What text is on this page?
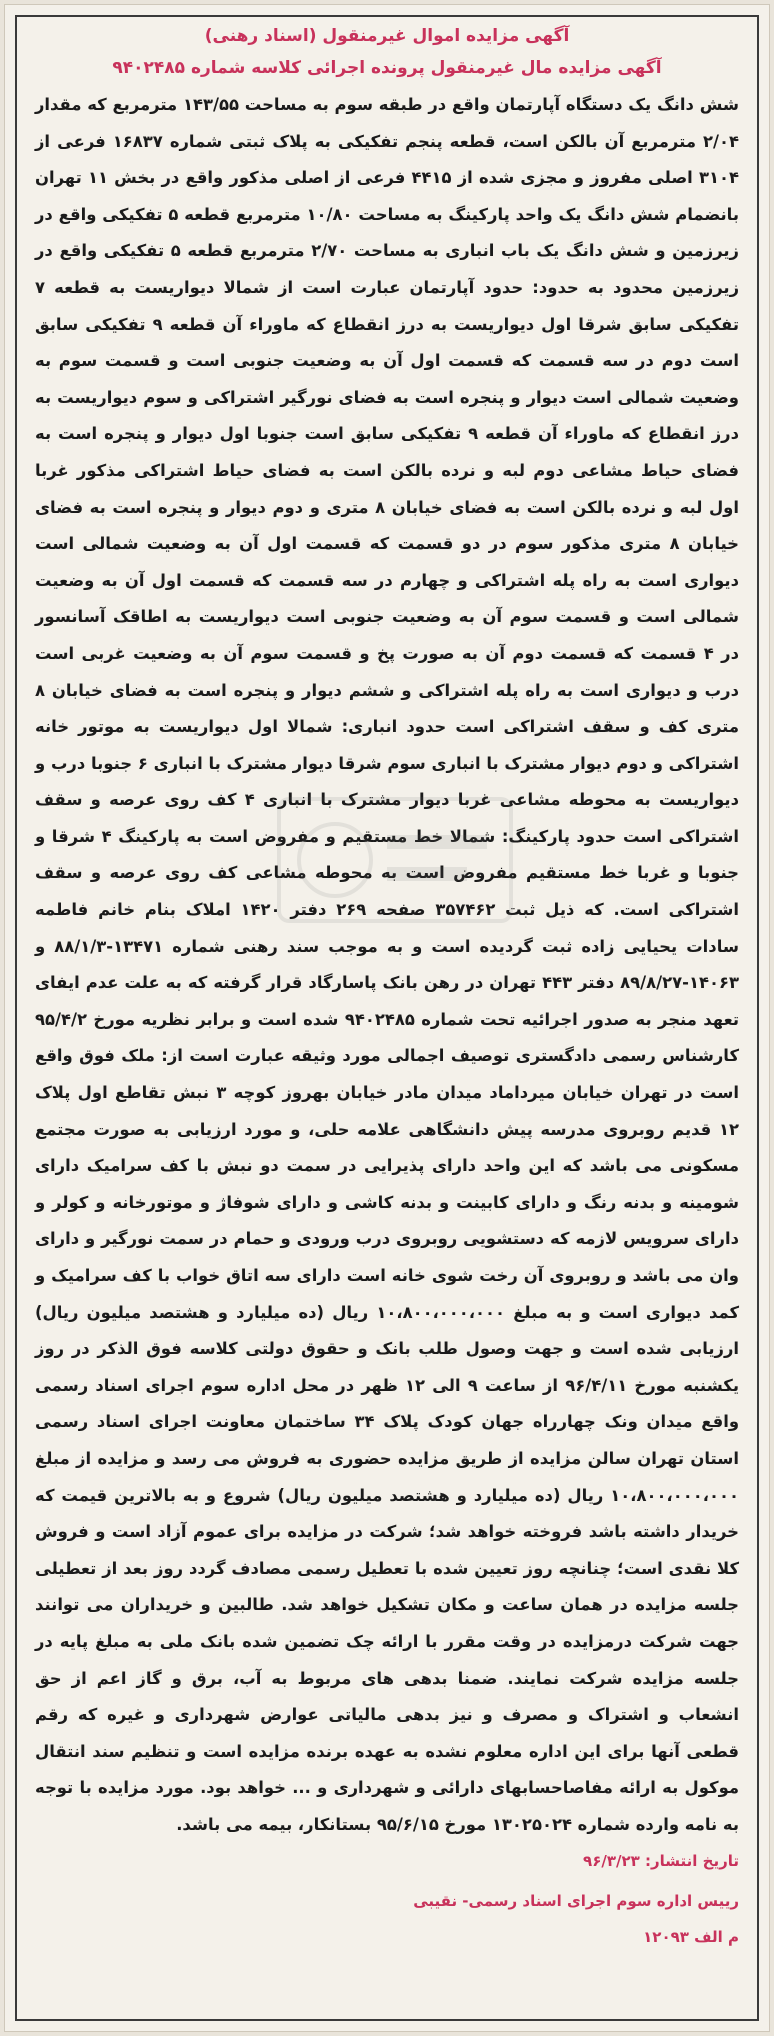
آگهی مزایده اموال غیرمنقول (اسناد رهنی)
آگهی مزایده مال غیرمنقول پرونده اجرائی کلاسه شماره ۹۴۰۲۴۸۵
شش دانگ یک دستگاه آپارتمان واقع در طبقه سوم به مساحت ۱۴۳/۵۵ مترمربع که مقدار ۲/۰۴ مترمربع آن بالکن است، قطعه پنجم تفکیکی به پلاک ثبتی شماره ۱۶۸۳۷ فرعی از ۳۱۰۴ اصلی مفروز و مجزی شده از ۴۴۱۵ فرعی از اصلی مذکور واقع در بخش ۱۱ تهران بانضمام شش دانگ یک واحد پارکینگ به مساحت ۱۰/۸۰ مترمربع قطعه ۵ تفکیکی واقع در زیرزمین و شش دانگ یک باب انباری به مساحت ۲/۷۰ مترمربع قطعه ۵ تفکیکی واقع در زیرزمین محدود به حدود: حدود آپارتمان عبارت است از شمالا دیواریست به قطعه ۷ تفکیکی سابق شرقا اول دیواریست به درز انقطاع که ماوراء آن قطعه ۹ تفکیکی سابق است دوم در سه قسمت که قسمت اول آن به وضعیت جنوبی است و قسمت سوم به وضعیت شمالی است دیوار و پنجره است به فضای نورگیر اشتراکی و سوم دیواریست به درز انقطاع که ماوراء آن قطعه ۹ تفکیکی سابق است جنوبا اول دیوار و پنجره است به فضای حیاط مشاعی دوم لبه و نرده بالکن است به فضای حیاط اشتراکی مذکور غربا اول لبه و نرده بالکن است به فضای خیابان ۸ متری و دوم دیوار و پنجره است به فضای خیابان ۸ متری مذکور سوم در دو قسمت که قسمت اول آن به وضعیت شمالی است دیواری است به راه پله اشتراکی و چهارم در سه قسمت که قسمت اول آن به وضعیت شمالی است و قسمت سوم آن به وضعیت جنوبی است دیواریست به اطاقک آسانسور در ۴ قسمت که قسمت دوم آن به صورت پخ و قسمت سوم آن به وضعیت غربی است درب و دیواری است به راه پله اشتراکی و ششم دیوار و پنجره است به فضای خیابان ۸ متری کف و سقف اشتراکی است حدود انباری: شمالا اول دیواریست به موتور خانه اشتراکی و دوم دیوار مشترک با انباری سوم شرقا دیوار مشترک با انباری ۶ جنوبا درب و دیواریست به محوطه مشاعی غربا دیوار مشترک با انباری ۴ کف روی عرصه و سقف اشتراکی است حدود پارکینگ: شمالا خط مستقیم و مفروض است به پارکینگ ۴ شرقا و جنوبا و غربا خط مستقیم مفروض است به محوطه مشاعی کف روی عرصه و سقف اشتراکی است. که ذیل ثبت ۳۵۷۴۶۲ صفحه ۲۶۹ دفتر ۱۴۲۰ املاک بنام خانم فاطمه سادات یحیایی زاده ثبت گردیده است و به موجب سند رهنی شماره ۱۳۴۷۱-۸۸/۱/۳ و ۱۴۰۶۳-۸۹/۸/۲۷ دفتر ۴۴۳ تهران در رهن بانک پاسارگاد قرار گرفته که به علت عدم ایفای تعهد منجر به صدور اجرائیه تحت شماره ۹۴۰۲۴۸۵ شده است و برابر نظریه مورخ ۹۵/۴/۲ کارشناس رسمی دادگستری توصیف اجمالی مورد وثیقه عبارت است از: ملک فوق واقع است در تهران خیابان میرداماد میدان مادر خیابان بهروز کوچه ۳ نبش تقاطع اول پلاک ۱۲ قدیم روبروی مدرسه پیش دانشگاهی علامه حلی، و مورد ارزیابی به صورت مجتمع مسکونی می باشد که این واحد دارای پذیرایی در سمت دو نبش با کف سرامیک دارای شومینه و بدنه رنگ و دارای کابینت و بدنه کاشی و دارای شوفاژ و موتورخانه و کولر و دارای سرویس لازمه که دستشویی روبروی درب ورودی و حمام در سمت نورگیر و دارای وان می باشد و روبروی آن رخت شوی خانه است دارای سه اتاق خواب با کف سرامیک و کمد دیواری است و به مبلغ ۱۰،۸۰۰،۰۰۰،۰۰۰ ریال (ده میلیارد و هشتصد میلیون ریال) ارزیابی شده است و جهت وصول طلب بانک و حقوق دولتی کلاسه فوق الذکر در روز یکشنبه مورخ ۹۶/۴/۱۱ از ساعت ۹ الی ۱۲ ظهر در محل اداره سوم اجرای اسناد رسمی واقع میدان ونک چهارراه جهان کودک پلاک ۳۴ ساختمان معاونت اجرای اسناد رسمی استان تهران سالن مزایده از طریق مزایده حضوری به فروش می رسد و مزایده از مبلغ ۱۰،۸۰۰،۰۰۰،۰۰۰ ریال (ده میلیارد و هشتصد میلیون ریال) شروع و به بالاترین قیمت که خریدار داشته باشد فروخته خواهد شد؛ شرکت در مزایده برای عموم آزاد است و فروش کلا نقدی است؛ چنانچه روز تعیین شده با تعطیل رسمی مصادف گردد روز بعد از تعطیلی جلسه مزایده در همان ساعت و مکان تشکیل خواهد شد. طالبین و خریداران می توانند جهت شرکت درمزایده در وقت مقرر با ارائه چک تضمین شده بانک ملی به مبلغ پایه در جلسه مزایده شرکت نمایند. ضمنا بدهی های مربوط به آب، برق و گاز اعم از حق انشعاب و اشتراک و مصرف و نیز بدهی مالیاتی عوارض شهرداری و غیره که رقم قطعی آنها برای این اداره معلوم نشده به عهده برنده مزایده است و تنظیم سند انتقال موکول به ارائه مفاصاحسابهای دارائی و شهرداری و ... خواهد بود. مورد مزایده با توجه به نامه وارده شماره ۱۳۰۲۵۰۲۴ مورخ ۹۵/۶/۱۵ بستانکار، بیمه می باشد.
تاریخ انتشار: ۹۶/۳/۲۳
رییس اداره سوم اجرای اسناد رسمی- نقیبی
م الف ۱۲۰۹۳
